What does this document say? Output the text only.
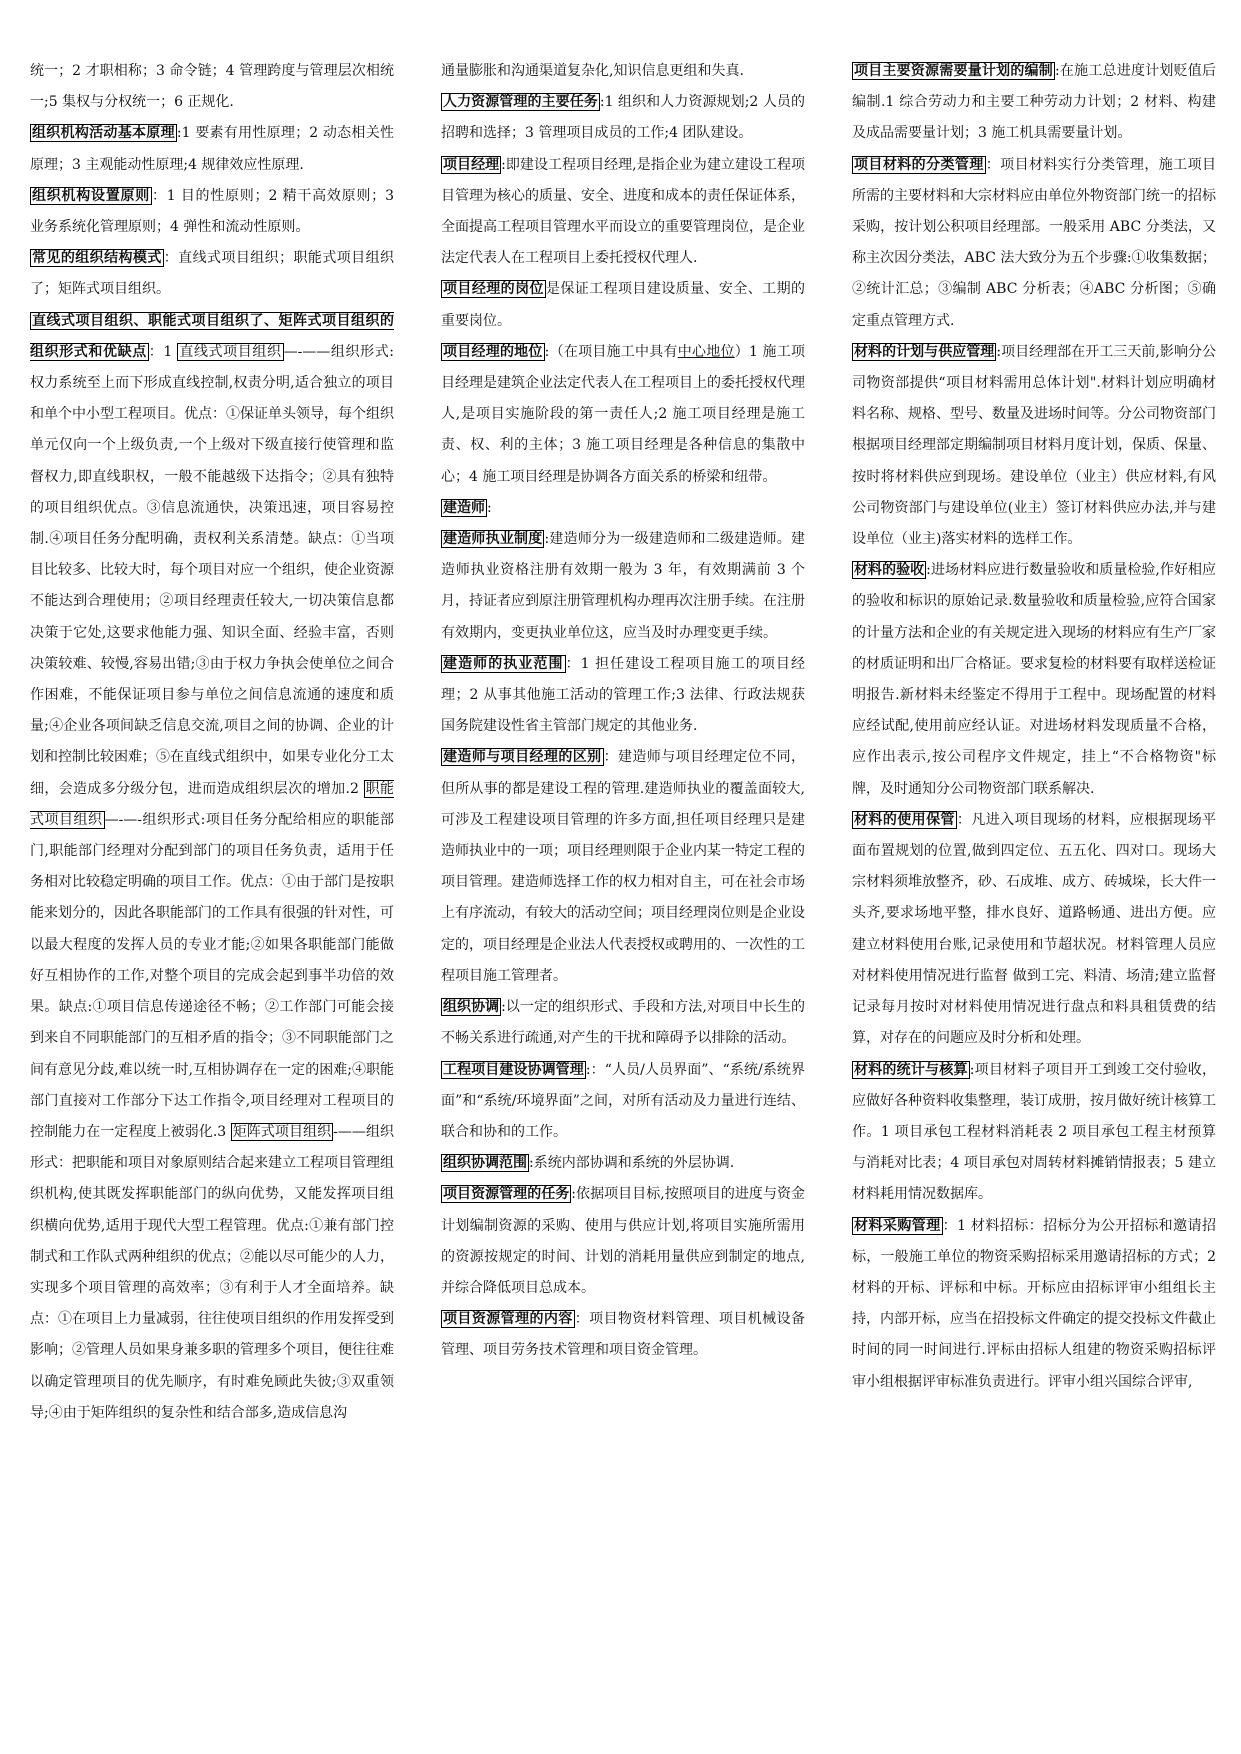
统一；2 才职相称；3 命令链；4 管理跨度与管理层次相统一;5 集权与分权统一；6 正规化.

组织机构活动基本原理 :1 要素有用性原理；2 动态相关性原理；3 主观能动性原理;4 规律效应性原理.

组织机构设置原则 ：1 目的性原则；2 精干高效原则；3 业务系统化管理原则；4 弹性和流动性原则。

常见的组织结构模式 ：直线式项目组织；职能式项目组织了；矩阵式项目组织。

直线式项目组织、职能式项目组织了、矩阵式项目组织的组织形式和优缺点 ：1 直线式项目组织 —-——组织形式:权力系统至上而下形成直线控制,权责分明,适合独立的项目和单个中小型工程项目。优点：①保证单头领导，每个组织单元仅向一个上级负责,一个上级对下级直接行使管理和监督权力,即直线职权，一般不能越级下达指令；②具有独特的项目组织优点。③信息流通快，决策迅速，项目容易控制.④项目任务分配明确，责权利关系清楚。缺点：①当项目比较多、比较大时，每个项目对应一个组织，使企业资源不能达到合理使用；②项目经理责任较大,一切决策信息都决策于它处,这要求他能力强、知识全面、经验丰富，否则决策较难、较慢,容易出错;③由于权力争执会使单位之间合作困难，不能保证项目参与单位之间信息流通的速度和质量;④企业各项间缺乏信息交流,项目之间的协调、企业的计划和控制比较困难；⑤在直线式组织中，如果专业化分工太细，会造成多分级分包，进而造成组织层次的增加.2 职能式项目组织 —-—-组织形式:项目任务分配给相应的职能部门,职能部门经理对分配到部门的项目任务负责，适用于任务相对比较稳定明确的项目工作。优点：①由于部门是按职能来划分的，因此各职能部门的工作具有很强的针对性，可以最大程度的发挥人员的专业才能;②如果各职能部门能做好互相协作的工作,对整个项目的完成会起到事半功倍的效果。缺点:①项目信息传递途径不畅；②工作部门可能会接到来自不同职能部门的互相矛盾的指令；③不同职能部门之间有意见分歧,难以统一时,互相协调存在一定的困难;④职能部门直接对工作部分下达工作指令,项目经理对工程项目的控制能力在一定程度上被弱化.3 矩阵式项目组织 -——组织形式：把职能和项目对象原则结合起来建立工程项目管理组织机构,使其既发挥职能部门的纵向优势，又能发挥项目组织横向优势,适用于现代大型工程管理。优点:①兼有部门控制式和工作队式两种组织的优点；②能以尽可能少的人力，实现多个项目管理的高效率；③有利于人才全面培养。缺点：①在项目上力量减弱，往往使项目组织的作用发挥受到影响；②管理人员如果身兼多职的管理多个项目，便往往难以确定管理项目的优先顺序，有时难免顾此失彼;③双重领导;④由于矩阵组织的复杂性和结合部多,造成信息沟

通量膨胀和沟通渠道复杂化,知识信息更组和失真.

人力资源管理的主要任务 :1 组织和人力资源规划;2 人员的招聘和选择；3 管理项目成员的工作;4 团队建设。

项目经理 :即建设工程项目经理,是指企业为建立建设工程项目管理为核心的质量、安全、进度和成本的责任保证体系，全面提高工程项目管理水平而设立的重要管理岗位，是企业法定代表人在工程项目上委托授权代理人.

项目经理的岗位 是保证工程项目建设质量、安全、工期的重要岗位。

项目经理的地位 :（在项目施工中具有中心地位）1 施工项目经理是建筑企业法定代表人在工程项目上的委托授权代理人,是项目实施阶段的第一责任人;2 施工项目经理是施工责、权、利的主体；3 施工项目经理是各种信息的集散中心；4 施工项目经理是协调各方面关系的桥梁和纽带。

建造师 :

建造师执业制度 :建造师分为一级建造师和二级建造师。建造师执业资格注册有效期一般为 3 年，有效期满前 3 个月，持证者应到原注册管理机构办理再次注册手续。在注册有效期内，变更执业单位这，应当及时办理变更手续。

建造师的执业范围 ：1 担任建设工程项目施工的项目经理；2 从事其他施工活动的管理工作;3 法律、行政法规获国务院建设性省主管部门规定的其他业务.

建造师与项目经理的区别 ：建造师与项目经理定位不同，但所从事的都是建设工程的管理.建造师执业的覆盖面较大,可涉及工程建设项目管理的许多方面,担任项目经理只是建造师执业中的一项；项目经理则限于企业内某一特定工程的项目管理。建造师选择工作的权力相对自主，可在社会市场上有序流动，有较大的活动空间；项目经理岗位则是企业设定的，项目经理是企业法人代表授权或聘用的、一次性的工程项目施工管理者。

组织协调 :以一定的组织形式、手段和方法,对项目中长生的不畅关系进行疏通,对产生的干扰和障碍予以排除的活动。

工程项目建设协调管理 :：“人员/人员界面”、“系统/系统界面”和“系统/环境界面”之间，对所有活动及力量进行连结、联合和协和的工作。

组织协调范围 :系统内部协调和系统的外层协调.

项目资源管理的任务 :依据项目目标,按照项目的进度与资金计划编制资源的采购、使用与供应计划,将项目实施所需用的资源按规定的时间、计划的消耗用量供应到制定的地点,并综合降低项目总成本。

项目资源管理的内容 ：项目物资材料管理、项目机械设备管理、项目劳务技术管理和项目资金管理。

项目主要资源需要量计划的编制 :在施工总进度计划贬值后编制.1 综合劳动力和主要工种劳动力计划；2 材料、构建及成品需要量计划；3 施工机具需要量计划。

项目材料的分类管理 ：项目材料实行分类管理，施工项目所需的主要材料和大宗材料应由单位外物资部门统一的招标采购，按计划公积项目经理部。一般采用 ABC 分类法，又称主次因分类法，ABC 法大致分为五个步骤:①收集数据；②统计汇总；③编制 ABC 分析表；④ABC 分析图；⑤确定重点管理方式.

材料的计划与供应管理 :项目经理部在开工三天前,影响分公司物资部提供“项目材料需用总体计划".材料计划应明确材料名称、规格、型号、数量及进场时间等。分公司物资部门根据项目经理部定期编制项目材料月度计划，保质、保量、按时将材料供应到现场。建设单位（业主）供应材料,有风公司物资部门与建设单位(业主）签订材料供应办法,并与建设单位（业主)落实材料的选样工作。

材料的验收 :进场材料应进行数量验收和质量检验,作好相应的验收和标识的原始记录.数量验收和质量检验,应符合国家的计量方法和企业的有关规定进入现场的材料应有生产厂家的材质证明和出厂合格证。要求复检的材料要有取样送检证明报告.新材料未经鉴定不得用于工程中。现场配置的材料应经试配,使用前应经认证。对进场材料发现质量不合格，应作出表示,按公司程序文件规定，挂上“不合格物资"标牌，及时通知分公司物资部门联系解决.

材料的使用保管 ：凡进入项目现场的材料，应根据现场平面布置规划的位置,做到四定位、五五化、四对口。现场大宗材料须堆放整齐，砂、石成堆、成方、砖城垛，长大件一头齐,要求场地平整，排水良好、道路畅通、进出方便。应建立材料使用台账,记录使用和节超状况。材料管理人员应对材料使用情况进行监督 做到工完、料清、场清;建立监督记录每月按时对材料使用情况进行盘点和料具租赁费的结算，对存在的问题应及时分析和处理。

材料的统计与核算 :项目材料子项目开工到竣工交付验收，应做好各种资料收集整理，装订成册，按月做好统计核算工作。1 项目承包工程材料消耗表 2 项目承包工程主材预算与消耗对比表；4 项目承包对周转材料摊销情报表；5 建立材料耗用情况数据库。

材料采购管理 ：1 材料招标：招标分为公开招标和邀请招标，一般施工单位的物资采购招标采用邀请招标的方式；2 材料的开标、评标和中标。开标应由招标评审小组组长主持，内部开标，应当在招投标文件确定的提交投标文件截止时间的同一时间进行.评标由招标人组建的物资采购招标评审小组根据评审标准负责进行。评审小组兴国综合评审,
